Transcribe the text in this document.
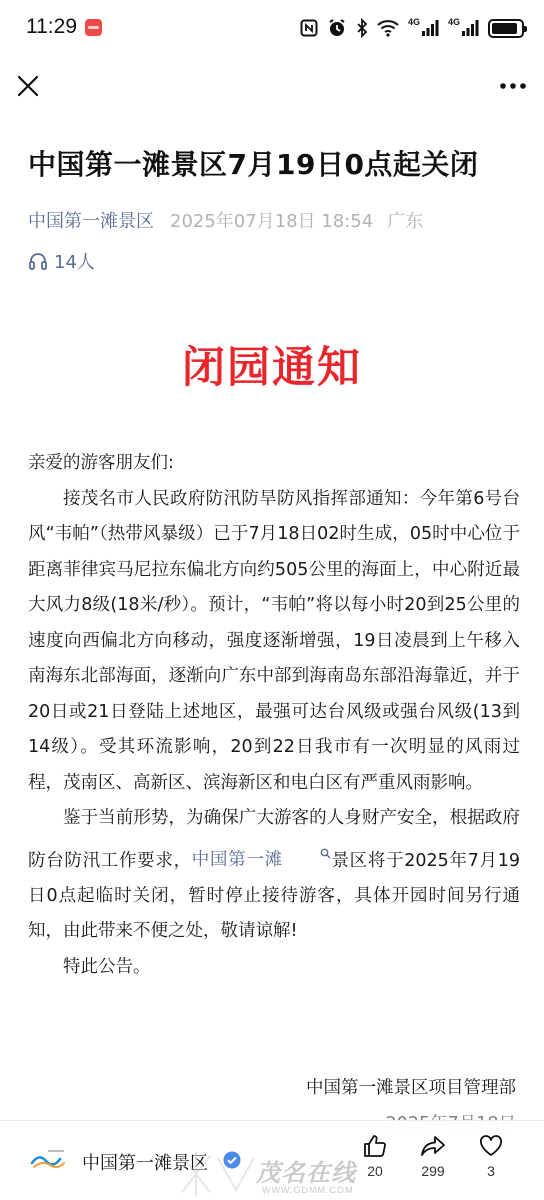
11:29	4G	4G
中国第一滩景区7月19日0点起关闭
中国第一滩景区 2025年07月18日 18:54 广东
14人
闭园通知

亲爱的游客朋友们:

接茂名市人民政府防汛防旱防风指挥部通知：今年第6号台风“韦帕”（热带风暴级）已于7月18日02时生成，05时中心位于距离菲律宾马尼拉东偏北方向约505公里的海面上，中心附近最大风力8级(18米/秒）。预计，“韦帕”将以每小时20到25公里的速度向西偏北方向移动，强度逐渐增强，19日凌晨到上午移入南海东北部海面，逐渐向广东中部到海南岛东部沿海靠近，并于20日或21日登陆上述地区，最强可达台风级或强台风级(13到14级）。受其环流影响，20到22日我市有一次明显的风雨过程，茂南区、高新区、滨海新区和电白区有严重风雨影响。

鉴于当前形势，为确保广大游客的人身财产安全，根据政府防台防汛工作要求，中国第一滩	景区将于2025年7月19日0点起临时关闭，暂时停止接待游客，具体开园时间另行通知，由此带来不便之处，敬请谅解!

特此公告。

中国第一滩景区项目管理部
中国第一滩景区	20	299	3
茂名在线
WWW.GDMM.COM
